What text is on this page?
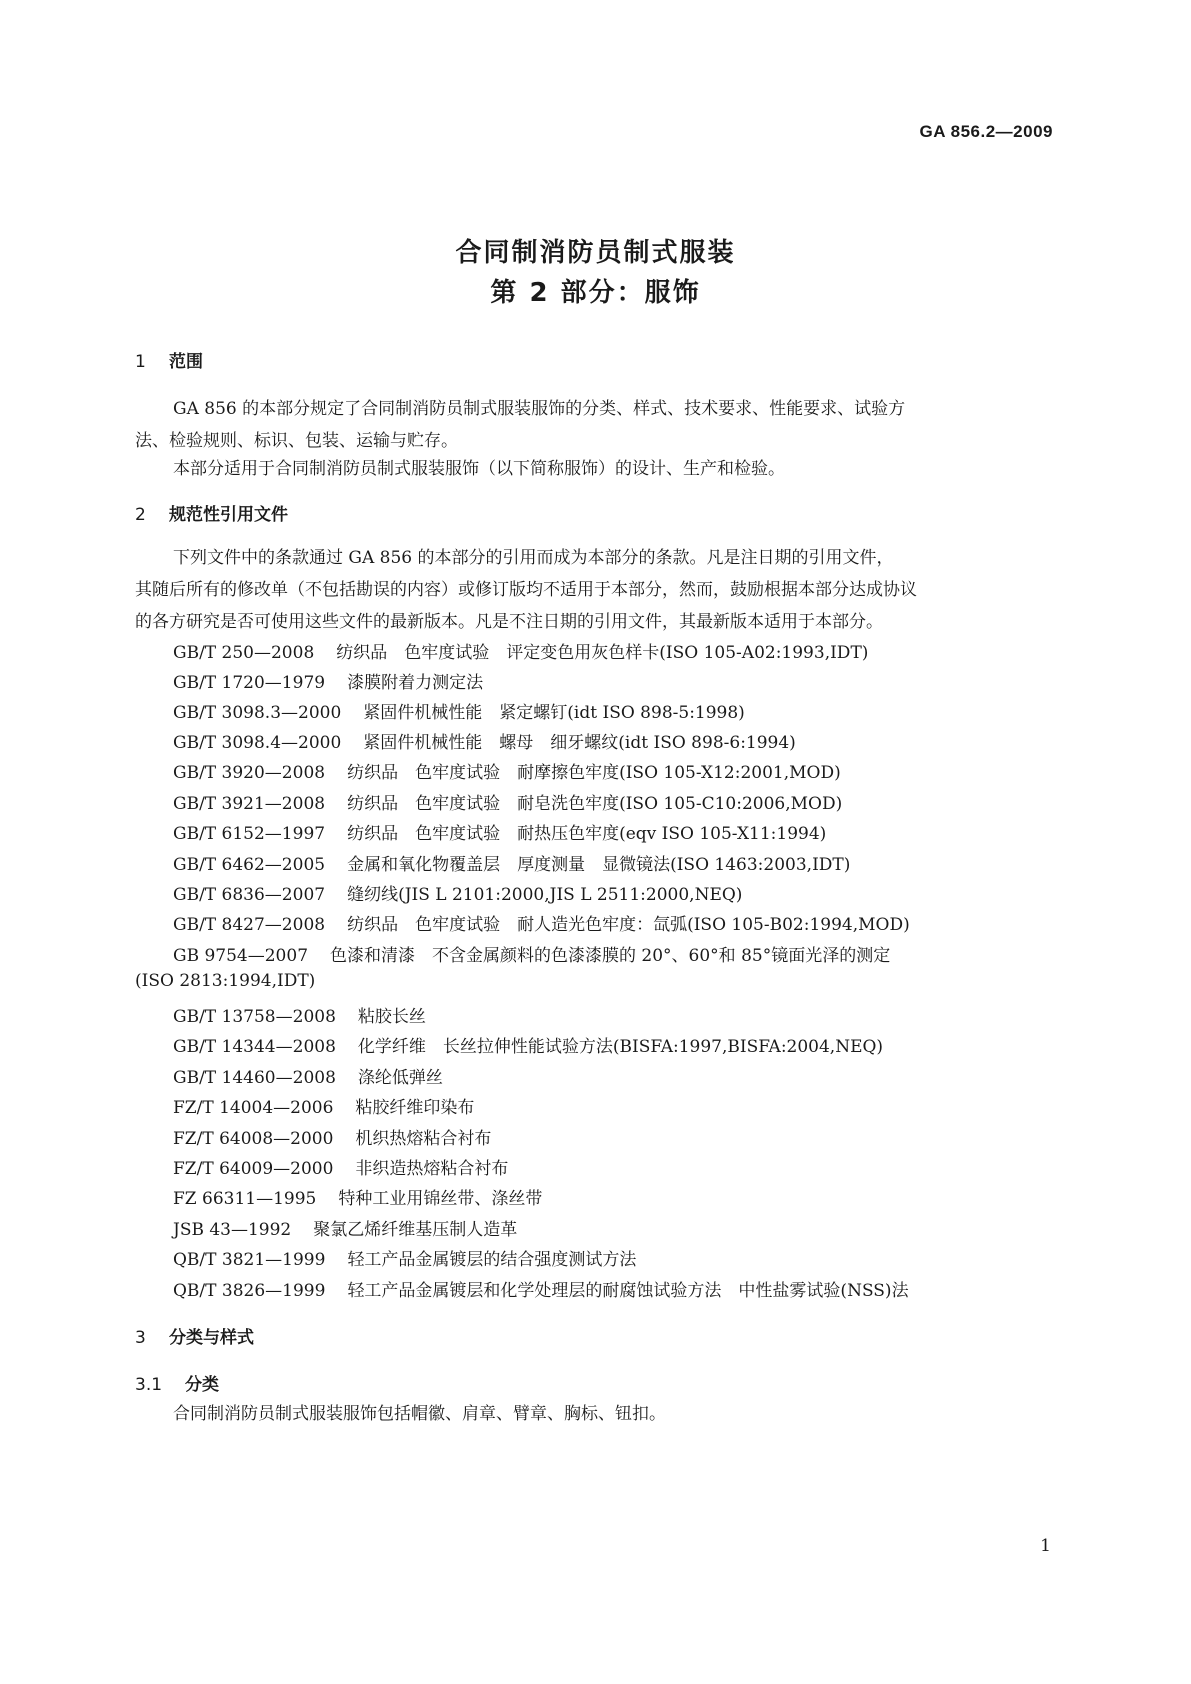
GA 856.2—2009
合同制消防员制式服装
第 2 部分：服饰
1 范围
GA 856 的本部分规定了合同制消防员制式服装服饰的分类、样式、技术要求、性能要求、试验方
法、检验规则、标识、包装、运输与贮存。
本部分适用于合同制消防员制式服装服饰（以下简称服饰）的设计、生产和检验。
2 规范性引用文件
下列文件中的条款通过 GA 856 的本部分的引用而成为本部分的条款。凡是注日期的引用文件，
其随后所有的修改单（不包括勘误的内容）或修订版均不适用于本部分，然而，鼓励根据本部分达成协议
的各方研究是否可使用这些文件的最新版本。凡是不注日期的引用文件，其最新版本适用于本部分。
GB/T 250—2008 纺织品　色牢度试验　评定变色用灰色样卡(ISO 105-A02:1993,IDT)
GB/T 1720—1979 漆膜附着力测定法
GB/T 3098.3—2000 紧固件机械性能　紧定螺钉(idt ISO 898-5:1998)
GB/T 3098.4—2000 紧固件机械性能　螺母　细牙螺纹(idt ISO 898-6:1994)
GB/T 3920—2008 纺织品　色牢度试验　耐摩擦色牢度(ISO 105-X12:2001,MOD)
GB/T 3921—2008 纺织品　色牢度试验　耐皂洗色牢度(ISO 105-C10:2006,MOD)
GB/T 6152—1997 纺织品　色牢度试验　耐热压色牢度(eqv ISO 105-X11:1994)
GB/T 6462—2005 金属和氧化物覆盖层　厚度测量　显微镜法(ISO 1463:2003,IDT)
GB/T 6836—2007 缝纫线(JIS L 2101:2000,JIS L 2511:2000,NEQ)
GB/T 8427—2008 纺织品　色牢度试验　耐人造光色牢度：氙弧(ISO 105-B02:1994,MOD)
GB 9754—2007 色漆和清漆　不含金属颜料的色漆漆膜的 20°、60°和 85°镜面光泽的测定
(ISO 2813:1994,IDT)
GB/T 13758—2008 粘胶长丝
GB/T 14344—2008 化学纤维　长丝拉伸性能试验方法(BISFA:1997,BISFA:2004,NEQ)
GB/T 14460—2008 涤纶低弹丝
FZ/T 14004—2006 粘胶纤维印染布
FZ/T 64008—2000 机织热熔粘合衬布
FZ/T 64009—2000 非织造热熔粘合衬布
FZ 66311—1995 特种工业用锦丝带、涤丝带
JSB 43—1992 聚氯乙烯纤维基压制人造革
QB/T 3821—1999 轻工产品金属镀层的结合强度测试方法
QB/T 3826—1999 轻工产品金属镀层和化学处理层的耐腐蚀试验方法　中性盐雾试验(NSS)法
3 分类与样式
3.1 分类
合同制消防员制式服装服饰包括帽徽、肩章、臂章、胸标、钮扣。
1
